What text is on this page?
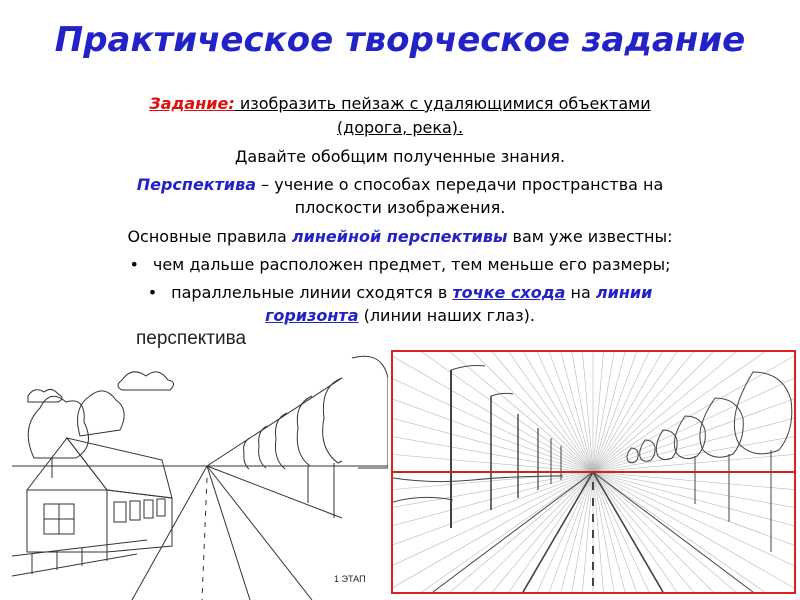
Практическое творческое задание
Задание: изобразить пейзаж с удаляющимися объектами
(дорога, река).
Давайте обобщим полученные знания.
Перспектива – учение о способах передачи пространства на
плоскости изображения.
Основные правила линейной перспективы вам уже известны:
• чем дальше расположен предмет, тем меньше его размеры;
• параллельные линии сходятся в точке схода на линии
горизонта (линии наших глаз).
перспектива
1 ЭТАП
